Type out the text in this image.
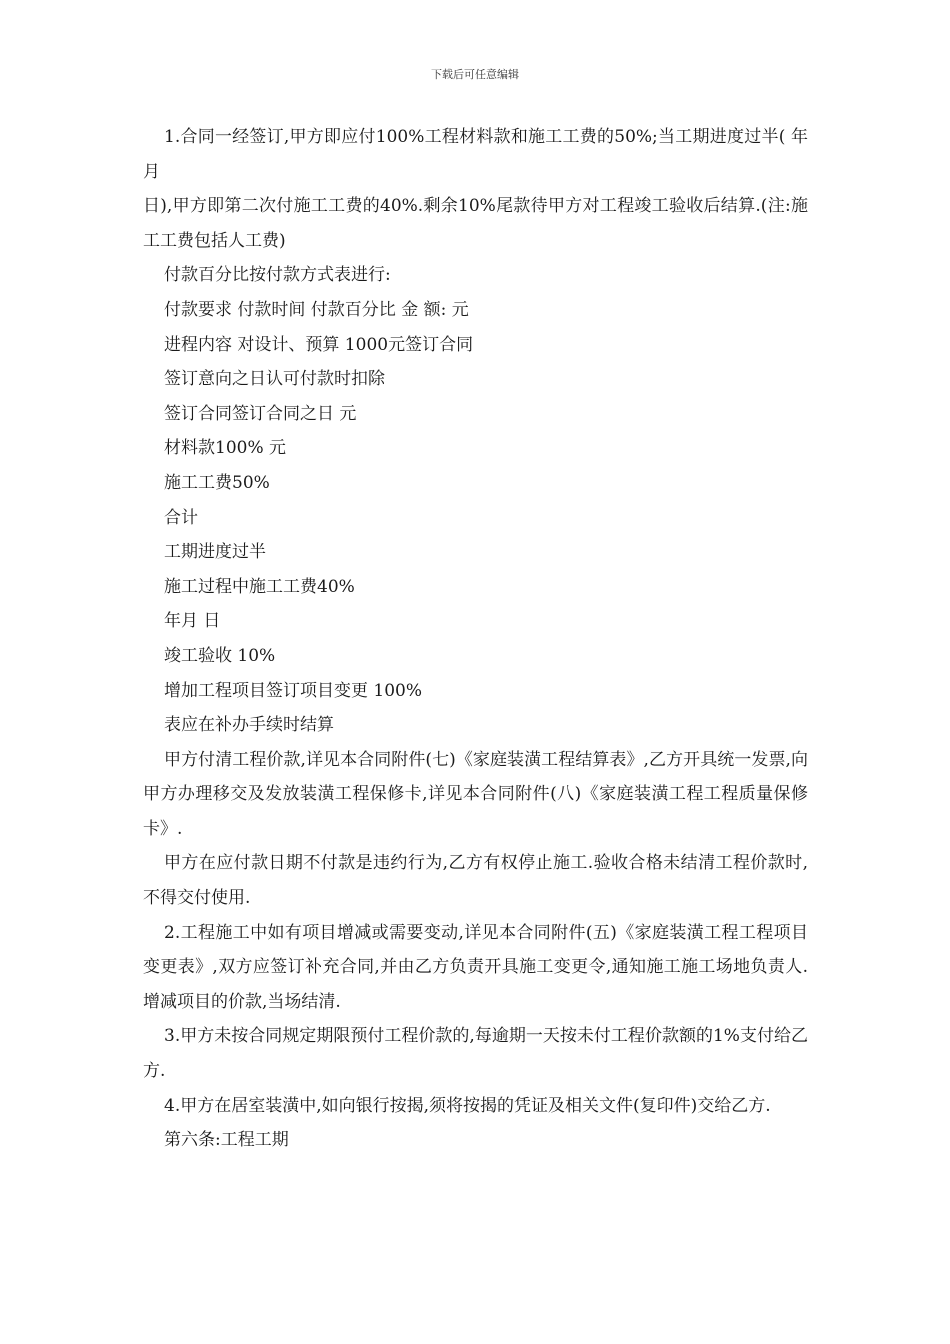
下载后可任意编辑

1.合同一经签订,甲方即应付100%工程材料款和施工工费的50%;当工期进度过半( 年 月

日),甲方即第二次付施工工费的40%.剩余10%尾款待甲方对工程竣工验收后结算.(注:施工工费包括人工费)

付款百分比按付款方式表进行:

付款要求 付款时间 付款百分比 金 额: 元

进程内容 对设计、预算 1000元签订合同

签订意向之日认可付款时扣除

签订合同签订合同之日 元

材料款100% 元

施工工费50%

合计

工期进度过半

施工过程中施工工费40%

年月 日

竣工验收 10%

增加工程项目签订项目变更 100%

表应在补办手续时结算

甲方付清工程价款,详见本合同附件(七)《家庭装潢工程结算表》,乙方开具统一发票,向甲方办理移交及发放装潢工程保修卡,详见本合同附件(八)《家庭装潢工程工程质量保修卡》.

甲方在应付款日期不付款是违约行为,乙方有权停止施工.验收合格未结清工程价款时,不得交付使用.

2.工程施工中如有项目增减或需要变动,详见本合同附件(五)《家庭装潢工程工程项目变更表》,双方应签订补充合同,并由乙方负责开具施工变更令,通知施工施工场地负责人.增减项目的价款,当场结清.

3.甲方未按合同规定期限预付工程价款的,每逾期一天按未付工程价款额的1%支付给乙方.

4.甲方在居室装潢中,如向银行按揭,须将按揭的凭证及相关文件(复印件)交给乙方.

第六条:工程工期
